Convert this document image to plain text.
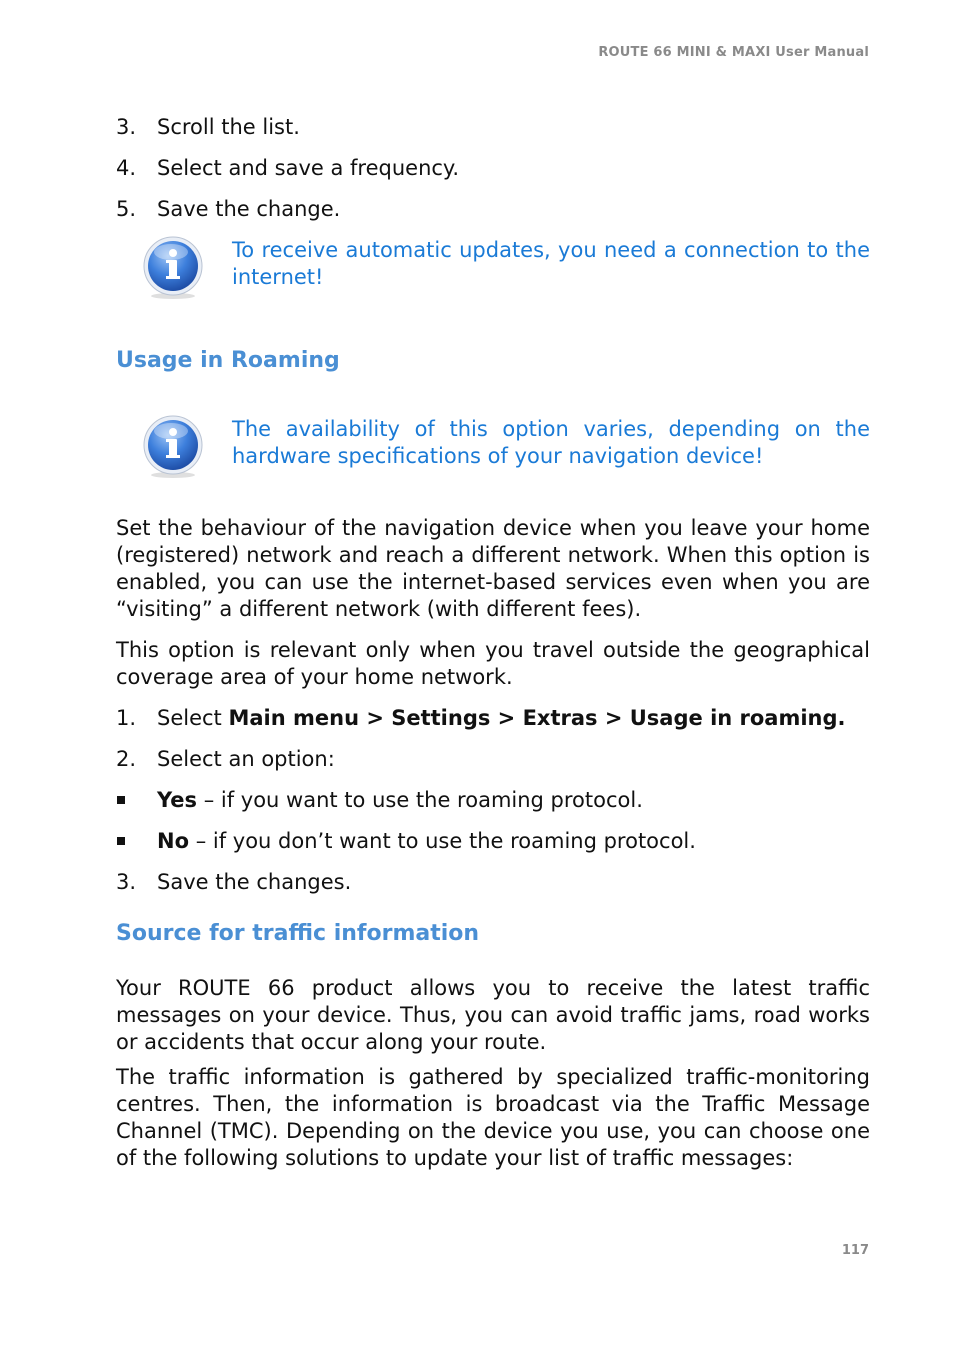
ROUTE 66 MINI & MAXI User Manual
3. Scroll the list.
4. Select and save a frequency.
5. Save the change.
To receive automatic updates, you need a connection to the internet!
Usage in Roaming
The availability of this option varies, depending on the hardware specifications of your navigation device!

Set the behaviour of the navigation device when you leave your home (registered) network and reach a different network. When this option is enabled, you can use the internet-based services even when you are “visiting” a different network (with different fees).

This option is relevant only when you travel outside the geographical coverage area of your home network.

1. Select Main menu > Settings > Extras > Usage in roaming.
2. Select an option:
Yes – if you want to use the roaming protocol.
No – if you don’t want to use the roaming protocol.
3. Save the changes.
Source for traffic information

Your ROUTE 66 product allows you to receive the latest traffic messages on your device. Thus, you can avoid traffic jams, road works or accidents that occur along your route.

The traffic information is gathered by specialized traffic-monitoring centres. Then, the information is broadcast via the Traffic Message Channel (TMC). Depending on the device you use, you can choose one of the following solutions to update your list of traffic messages:

117
